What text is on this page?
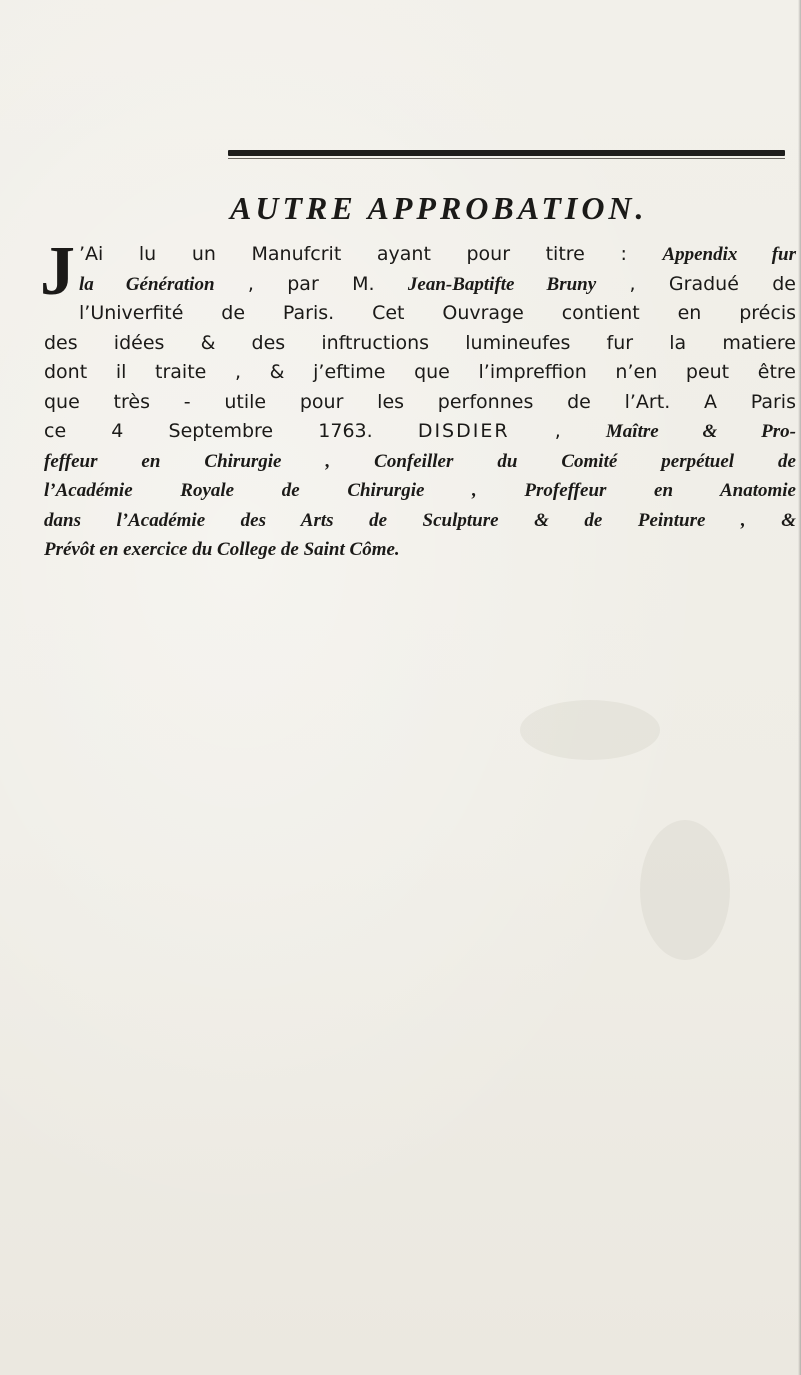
AUTRE APPROBATION.
J ’Ai lu un Manufcrit ayant pour titre : Appendix fur
la Génération , par M. Jean-Baptifte Bruny , Gradué de
l’Univerfité de Paris. Cet Ouvrage contient en précis
des idées & des inftructions lumineufes fur la matiere
dont il traite , & j’eftime que l’impreffion n’en peut être
que très - utile pour les perfonnes de l’Art. A Paris
ce 4 Septembre 1763. DISDIER , Maître & Pro-
feffeur en Chirurgie , Confeiller du Comité perpétuel de
l’Académie Royale de Chirurgie , Profeffeur en Anatomie
dans l’Académie des Arts de Sculpture & de Peinture , &
Prévôt en exercice du College de Saint Côme.
